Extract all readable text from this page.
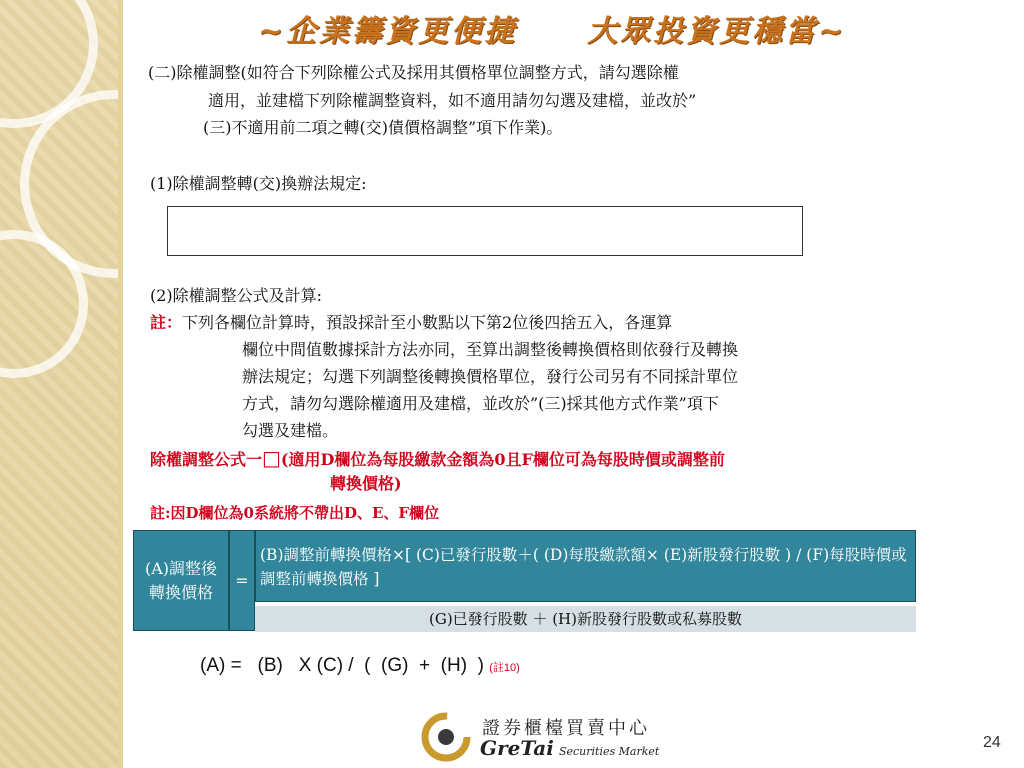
~企業籌資更便捷 大眾投資更穩當~
(二)除權調整(如符合下列除權公式及採用其價格單位調整方式，請勾選除權
適用，並建檔下列除權調整資料，如不適用請勿勾選及建檔，並改於”
(三)不適用前二項之轉(交)債價格調整”項下作業)。
(1)除權調整轉(交)換辦法規定:
(2)除權調整公式及計算:
註：下列各欄位計算時，預設採計至小數點以下第2位後四捨五入，各運算
欄位中間值數據採計方法亦同，至算出調整後轉換價格則依發行及轉換
辦法規定；勾選下列調整後轉換價格單位，發行公司另有不同採計單位
方式，請勿勾選除權適用及建檔，並改於”(三)採其他方式作業”項下
勾選及建檔。
除權調整公式一□(適用D欄位為每股繳款金額為0且F欄位可為每股時價或調整前
轉換價格)
註:因D欄位為0系統將不帶出D、E、F欄位
(A)調整後
轉換價格
=
(B)調整前轉換價格×[ (C)已發行股數＋( (D)每股繳款額× (E)新股發行股數 ) / (F)每股時價或調整前轉換價格 ]
(G)已發行股數 ＋ (H)新股發行股數或私募股數
(A) =   (B)   X (C) /  (  (G)  +  (H)  ) (註10)
證券櫃檯買賣中心
GreTai Securities Market
24
